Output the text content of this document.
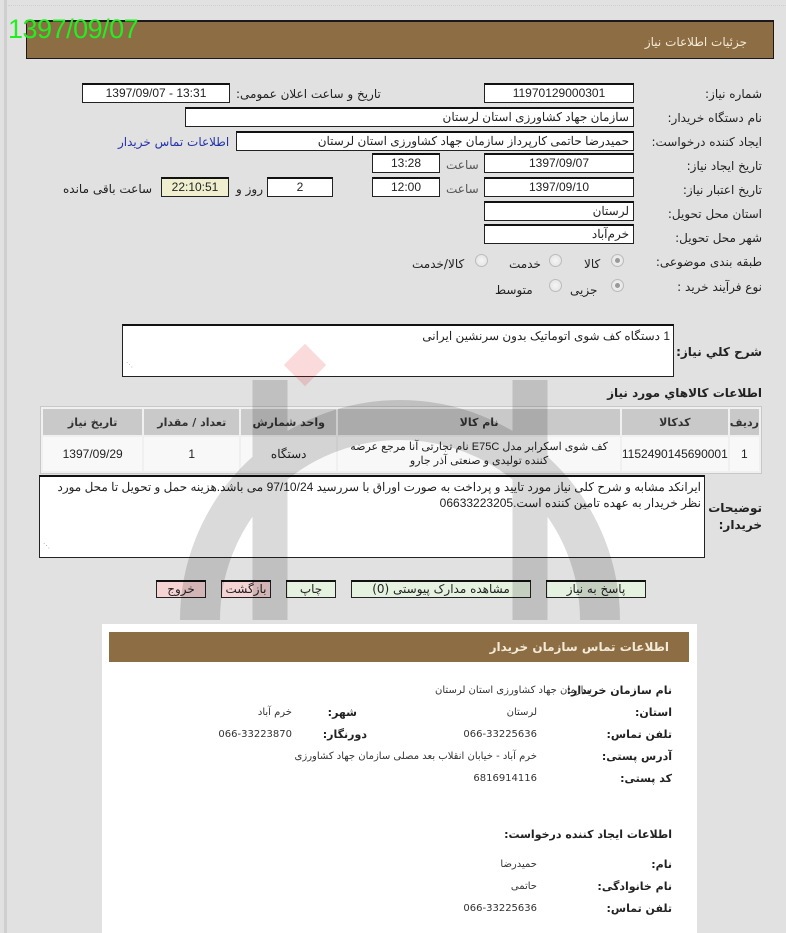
1397/09/07	جزئيات اطلاعات نیاز
شماره نیاز:
11970129000301
تاریخ و ساعت اعلان عمومی:
1397/09/07 - 13:31
نام دستگاه خریدار:
سازمان جهاد کشاورزی استان لرستان
ایجاد کننده درخواست:
حمیدرضا حاتمی کارپرداز سازمان جهاد کشاورزی استان لرستان
اطلاعات تماس خریدار
تاریخ ایجاد نیاز:
1397/09/07
ساعت
13:28
تاریخ اعتبار نیاز:
1397/09/10
ساعت
12:00
2
روز و
22:10:51
ساعت باقی مانده
استان محل تحویل:
لرستان
شهر محل تحویل:
خرم‌آباد
طبقه بندی موضوعی:
کالا
خدمت
کالا/خدمت
نوع فرآیند خرید :
جزیی
متوسط
شرح کلي نیاز:
1 دستگاه کف شوی اتوماتیک بدون سرنشین ایرانی
⋰
اطلاعات کالاهاي مورد نیاز
ردیف	کدکالا	نام کالا	واحد شمارش	تعداد / مقدار	تاریخ نیاز
1	1152490145690001	کف شوی اسکرابر مدل E75C نام تجارتی آنا مرجع عرضه کننده تولیدی و صنعتی آذر جارو	دستگاه	1	1397/09/29
توضیحات خریدار:
ایرانکد مشابه و شرح کلی نیاز مورد تایید و پرداخت به صورت اوراق با سررسید 97/10/24 می باشد.هزینه حمل و تحویل تا محل مورد نظر خریدار به عهده تامین کننده است.06633223205
⋰
پاسخ به نیاز
مشاهده مدارک پیوستی (0)
چاپ
بازگشت
خروج
اطلاعات تماس سازمان خریدار
نام سازمان خریدار:
سازمان جهاد کشاورزی استان لرستان
استان:
لرستان
شهر:
خرم آباد
تلفن تماس:
066-33225636
دورنگار:
066-33223870
آدرس پستی:
خرم آباد - خیابان انقلاب بعد مصلی سازمان جهاد کشاورزی
کد پستی:
6816914116
اطلاعات ایجاد کننده درخواست:
نام:
حمیدرضا
نام خانوادگی:
حاتمی
تلفن تماس:
066-33225636
